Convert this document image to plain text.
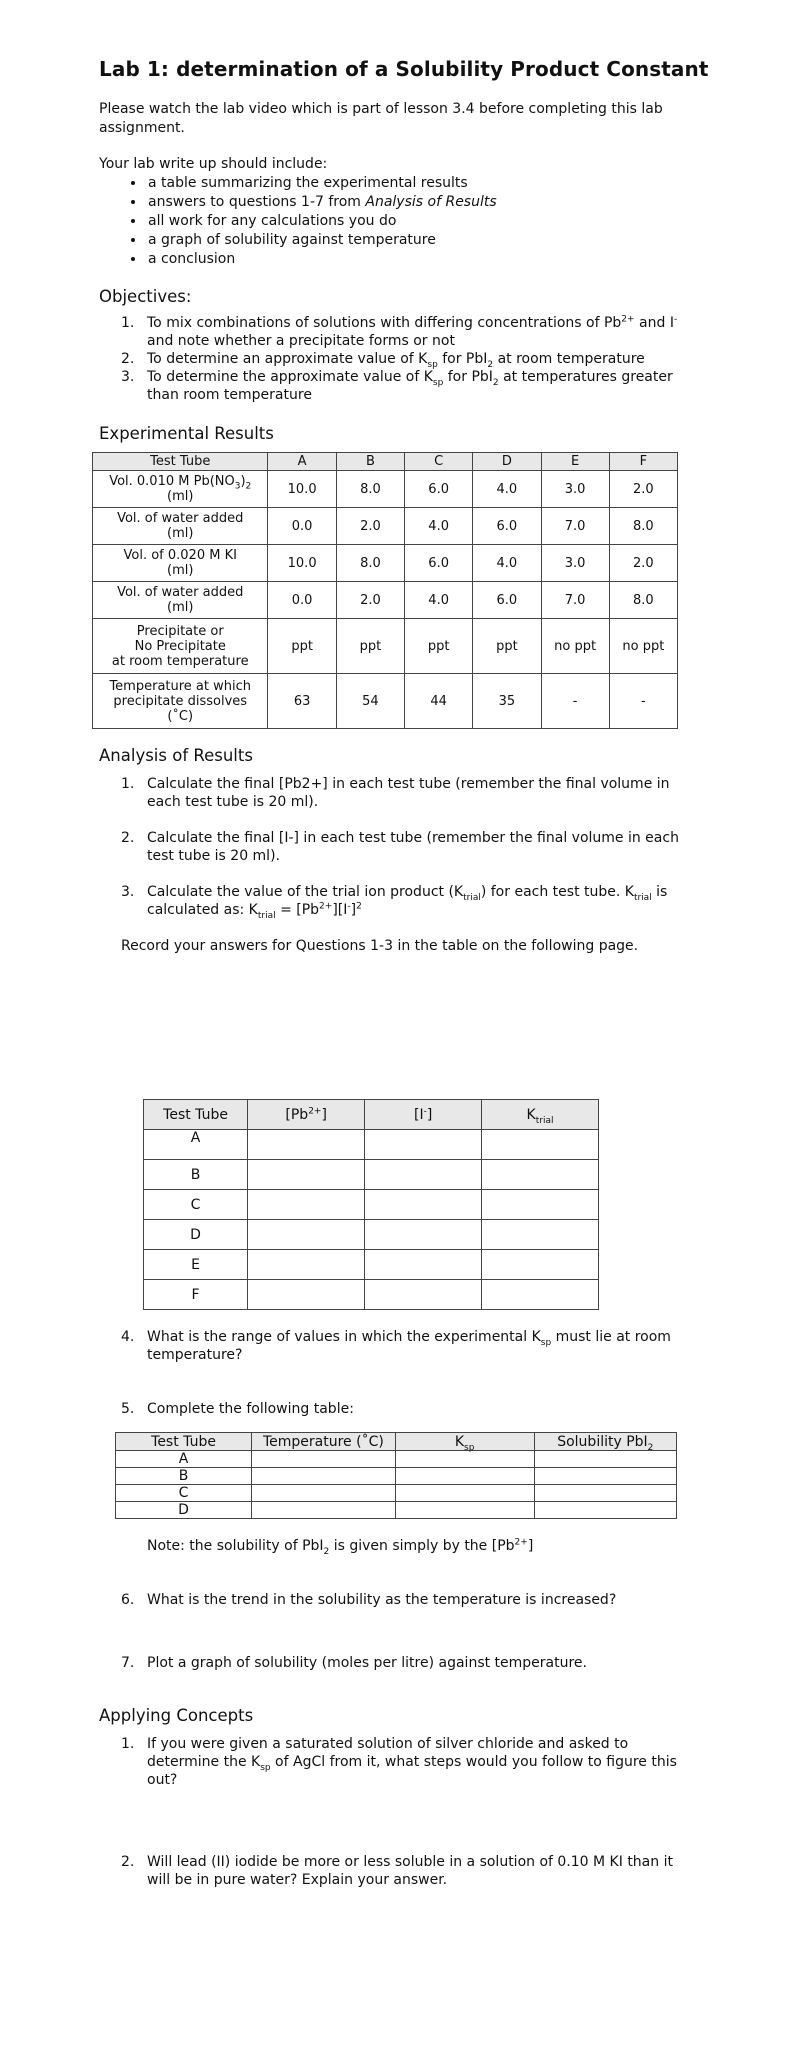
Lab 1: determination of a Solubility Product Constant
Please watch the lab video which is part of lesson 3.4 before completing this lab assignment.
Your lab write up should include:
• a table summarizing the experimental results
• answers to questions 1-7 from Analysis of Results
• all work for any calculations you do
• a graph of solubility against temperature
• a conclusion
Objectives:
1. To mix combinations of solutions with differing concentrations of $Pb^{2+}$ and I- and note whether a precipitate forms or not
2. To determine an approximate value of $K_{sp}$ for PbI$_2$ at room temperature
3. To determine the approximate value of $K_{sp}$ for PbI$_2$ at temperatures greater than room temperature
Experimental Results
Test Tube	A	B	C	D	E	F
Vol. 0.010 M $Pb(NO_3)_2$
(ml)	10.0	8.0	6.0	4.0	3.0	2.0
Vol. of water added
(ml)	0.0	2.0	4.0	6.0	7.0	8.0
Vol. of 0.020 M KI
(ml)	10.0	8.0	6.0	4.0	3.0	2.0
Vol. of water added
(ml)	0.0	2.0	4.0	6.0	7.0	8.0
Precipitate or
No Precipitate
at room temperature	ppt	ppt	ppt	ppt	no ppt	no ppt
Temperature at which
precipitate dissolves
(˚C)	63	54	44	35	-	-
Analysis of Results
1. Calculate the final [Pb2+] in each test tube (remember the final volume in each test tube is 20 ml).
2. Calculate the final [I-] in each test tube (remember the final volume in each test tube is 20 ml).
3. Calculate the value of the trial ion product $(K_{trial})$ for each test tube. $K_{trial}$ is calculated as: $K_{trial} = [Pb^{2+}][I^-]^2$
Record your answers for Questions 1-3 in the table on the following page.
Test Tube	$[Pb^{2+}]$	[I-]	$K_{trial}$
A			
B			
C			
D			
E			
F			
4. What is the range of values in which the experimental $K_{sp}$ must lie at room temperature?
5. Complete the following table:
Test Tube	Temperature (˚C)	$K_{sp}$	Solubility PbI$_2$
A			
B			
C			
D			
Note: the solubility of PbI$_2$ is given simply by the $[Pb^{2+}]$
6. What is the trend in the solubility as the temperature is increased?
7. Plot a graph of solubility (moles per litre) against temperature.
Applying Concepts
1. If you were given a saturated solution of silver chloride and asked to determine the $K_{sp}$ of AgCl from it, what steps would you follow to figure this out?
2. Will lead (II) iodide be more or less soluble in a solution of 0.10 M KI than it will be in pure water? Explain your answer.
